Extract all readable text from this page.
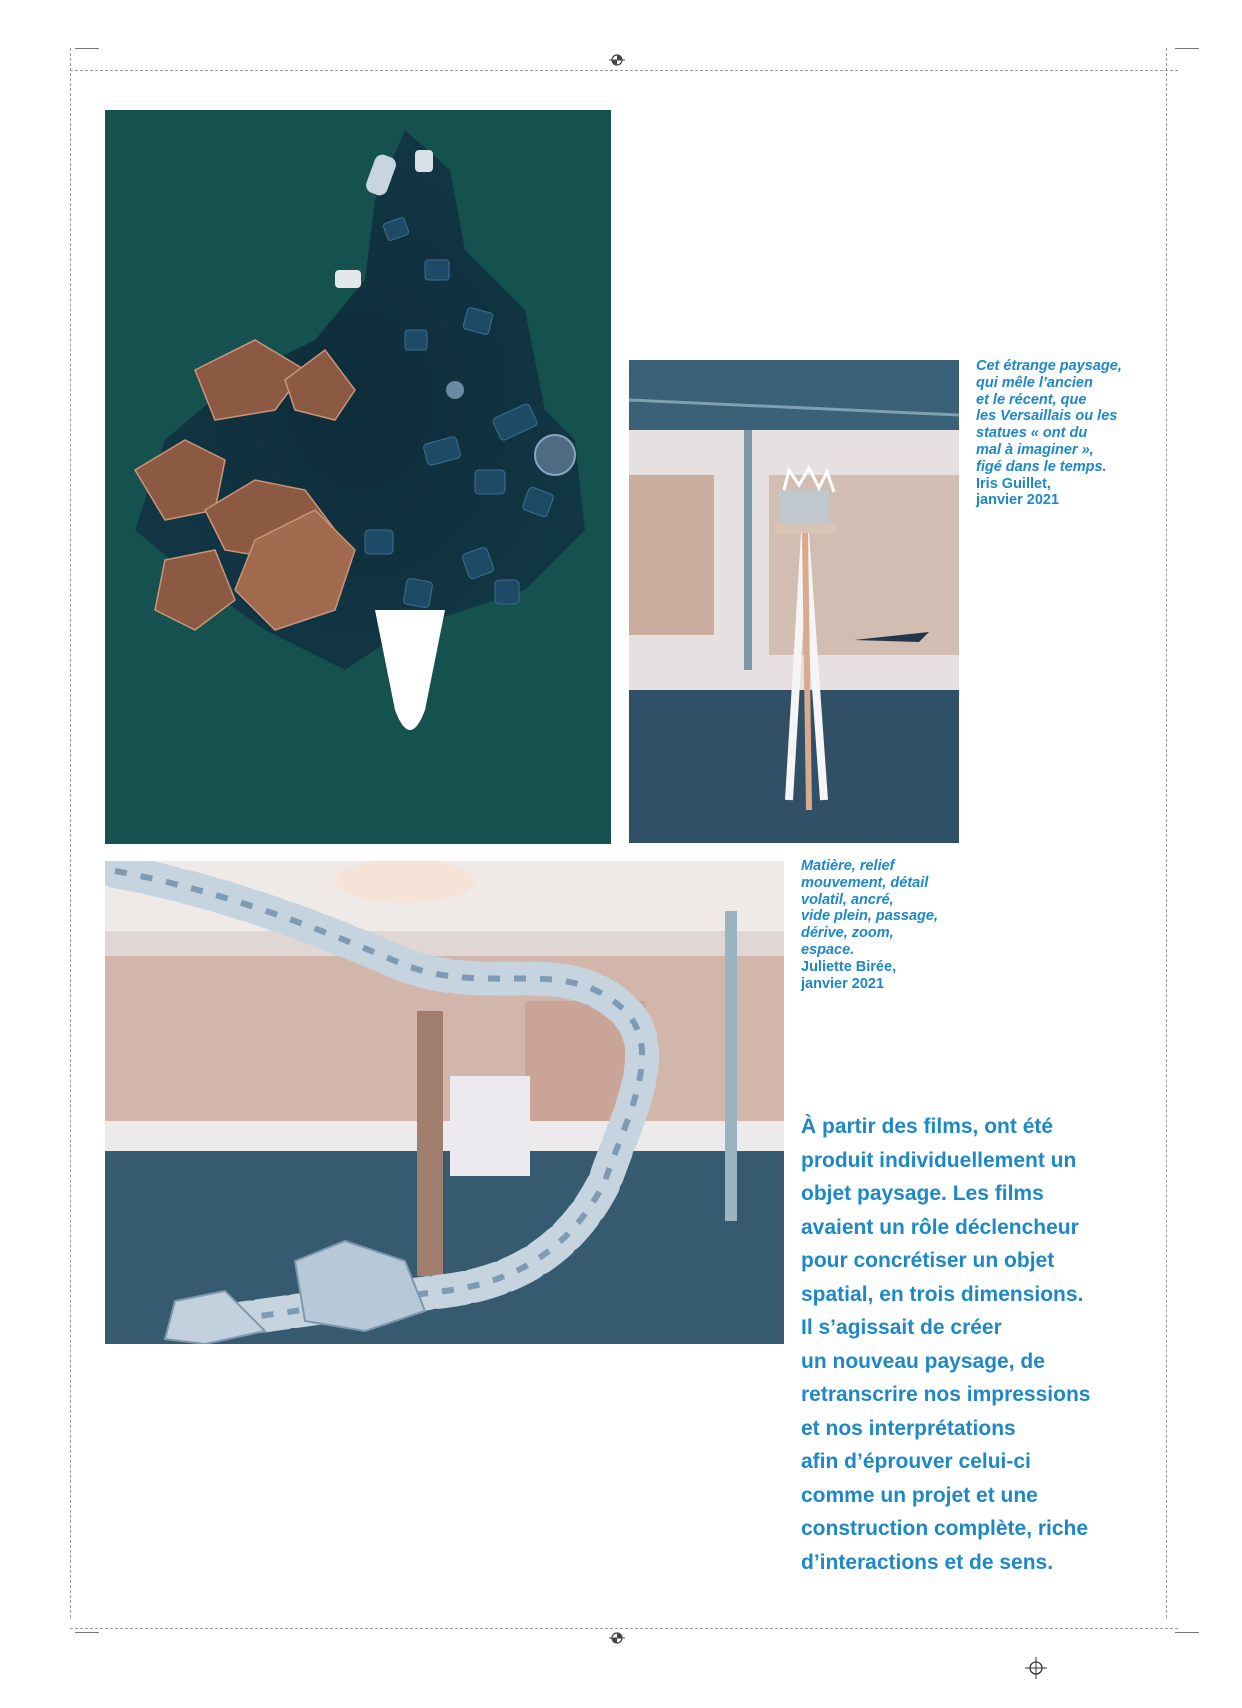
Cet étrange paysage,
qui mêle l’ancien
et le récent, que
les Versaillais ou les
statues « ont du
mal à imaginer »,
figé dans le temps.
Iris Guillet,
janvier 2021

Matière, relief
mouvement, détail
volatil, ancré,
vide plein, passage,
dérive, zoom,
espace.
Juliette Birée,
janvier 2021

À partir des films, ont été
produit individuellement un
objet paysage. Les films
avaient un rôle déclencheur
pour concrétiser un objet
spatial, en trois dimensions.
Il s’agissait de créer
un nouveau paysage, de
retranscrire nos impressions
et nos interprétations
afin d’éprouver celui-ci
comme un projet et une
construction complète, riche
d’interactions et de sens.
